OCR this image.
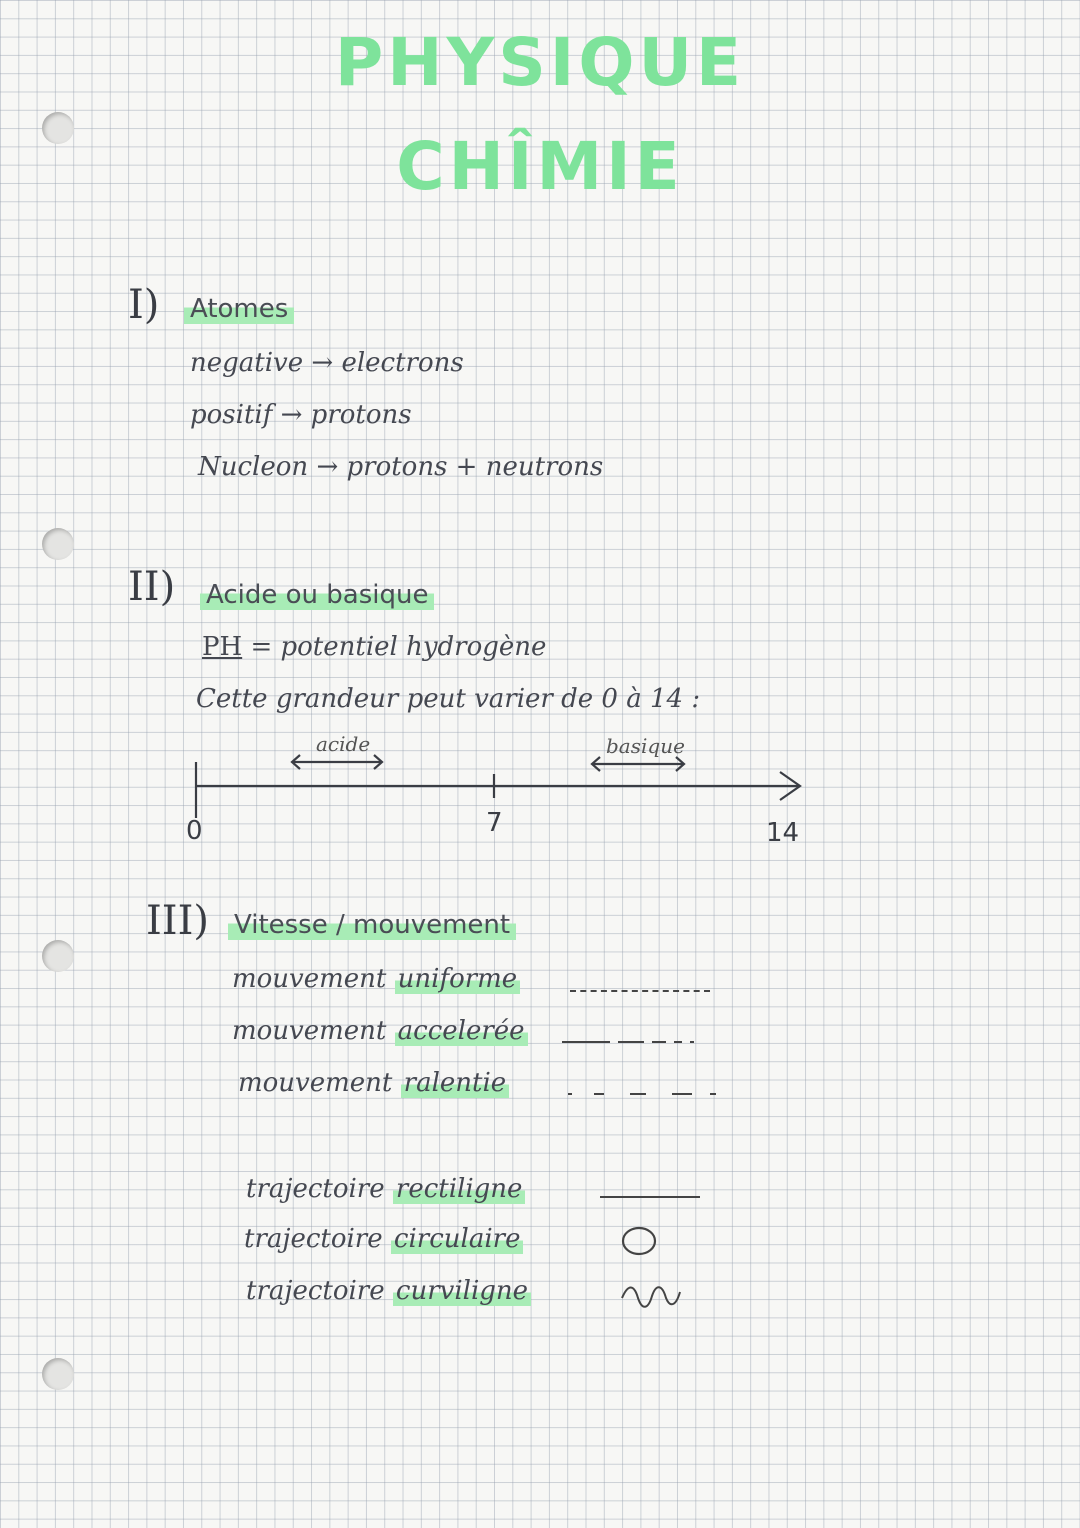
PHYSIQUE
CHÎMIE
I) Atomes
negative → electrons
positif → protons
Nucleon → protons + neutrons
II) Acide ou basique
PH = potentiel hydrogène
Cette grandeur peut varier de 0 à 14 :
acide	basique
0	7	14
III) Vitesse / mouvement
mouvement uniforme
mouvement accelerée
mouvement ralentie
trajectoire rectiligne
trajectoire circulaire
trajectoire curviligne
